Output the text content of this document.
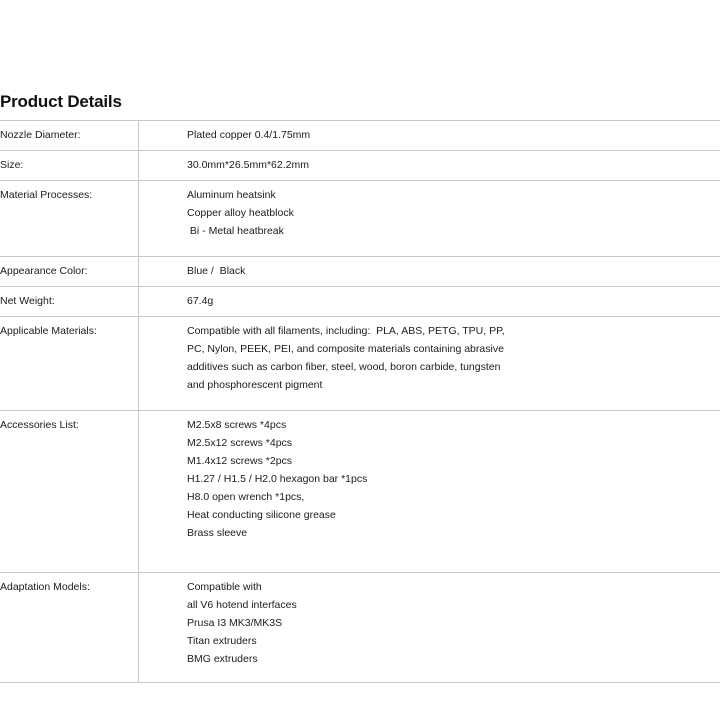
Product Details
Nozzle Diameter:	Plated copper 0.4/1.75mm

Size:	30.0mm*26.5mm*62.2mm

Material Processes:	Aluminum heatsink
Copper alloy heatblock
Bi - Metal heatbreak

Appearance Color:	Blue /  Black

Net Weight:	67.4g

Applicable Materials:	Compatible with all filaments, including:  PLA, ABS, PETG, TPU, PP,
PC, Nylon, PEEK, PEI, and composite materials containing abrasive
additives such as carbon fiber, steel, wood, boron carbide, tungsten
and phosphorescent pigment

Accessories List:	M2.5x8 screws *4pcs
M2.5x12 screws *4pcs
M1.4x12 screws *2pcs
H1.27 / H1.5 / H2.0 hexagon bar *1pcs
H8.0 open wrench *1pcs,
Heat conducting silicone grease
Brass sleeve

Adaptation Models:	Compatible with
all V6 hotend interfaces
Prusa I3 MK3/MK3S
Titan extruders
BMG extruders
